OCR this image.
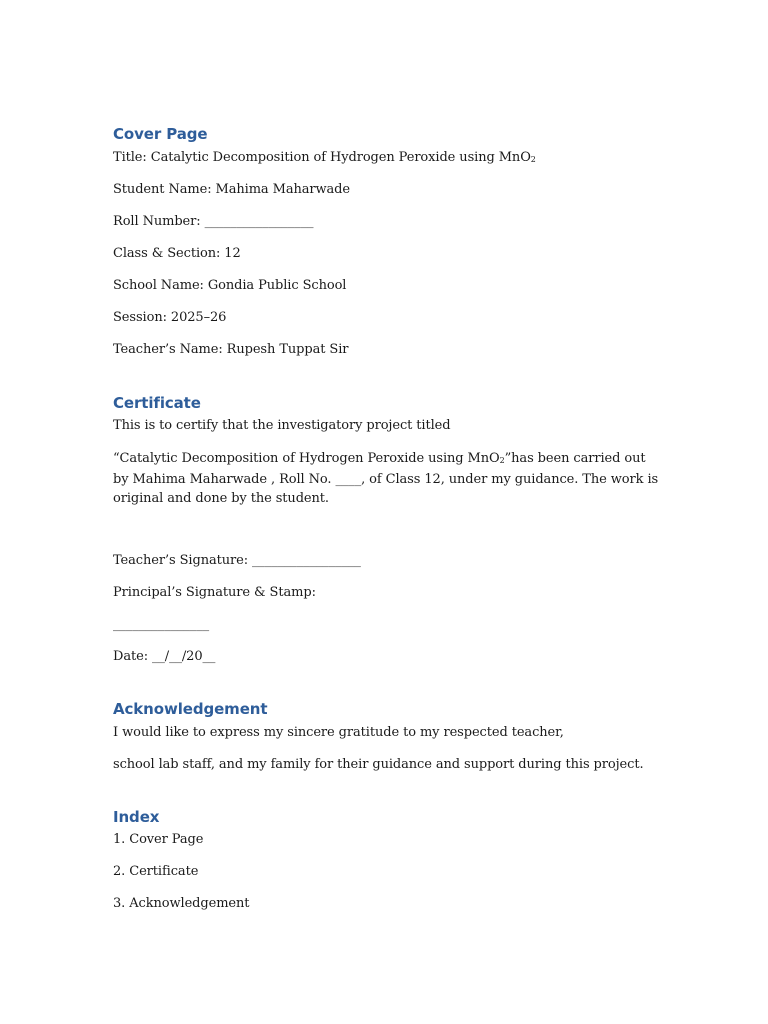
Cover Page
Title: Catalytic Decomposition of Hydrogen Peroxide using MnO$_2$
Student Name: Mahima Maharwade
Roll Number: _________________
Class & Section: 12
School Name: Gondia Public School
Session: 2025–26
Teacher’s Name: Rupesh Tuppat Sir
Certificate
This is to certify that the investigatory project titled
“Catalytic Decomposition of Hydrogen Peroxide using MnO$_2$”has been carried out by Mahima Maharwade , Roll No. ____, of Class 12, under my guidance. The work is original and done by the student.
Teacher’s Signature: _________________
Principal’s Signature & Stamp:
_______________
Date: __/__/20__
Acknowledgement
I would like to express my sincere gratitude to my respected teacher,
school lab staff, and my family for their guidance and support during this project.
Index
1. Cover Page
2. Certificate
3. Acknowledgement
